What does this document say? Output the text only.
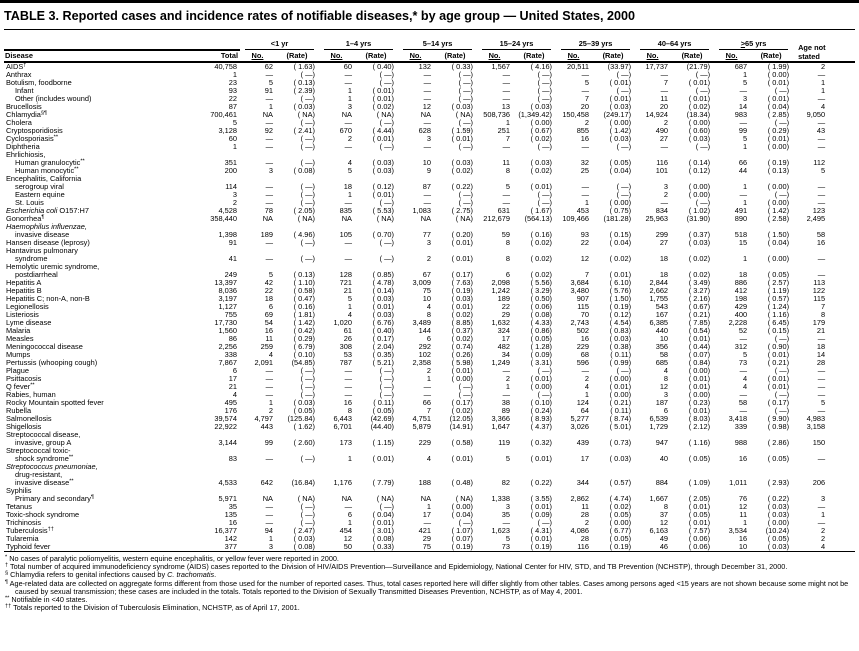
TABLE 3. Reported cases and incidence rates of notifiable diseases,* by age group — United States, 2000

		<1 yr		1–4 yrs		5–14 yrs		15–24 yrs		25–39 yrs		40–64 yrs		≥65 yrs		Age not
stated
Disease	Total	No.	(Rate)	No.	(Rate)	No.	(Rate)	No.	(Rate)	No.	(Rate)	No.	(Rate)	No.	(Rate)	
AIDS†	40,758	62	( 1.63)	60	( 0.40)	132	( 0.33)	1,567	( 4.16)	20,511	(33.97)	17,737	(21.79)	687	( 1.99)	2
Anthrax	1	—	( —)	—	( —)	—	( —)	—	( —)	—	( —)	—	( —)	1	( 0.00)	—
Botulism, foodborne	23	5	( 0.13)	—	( —)	—	( —)	—	( —)	5	( 0.01)	7	( 0.01)	5	( 0.01)	1
Infant	93	91	( 2.39)	1	( 0.01)	—	( —)	—	( —)	—	( —)	—	( —)	—	( —)	1
Other (includes wound)	22	—	( —)	1	( 0.01)	—	( —)	—	( —)	7	( 0.01)	11	( 0.01)	3	( 0.01)	—
Brucellosis	87	1	( 0.03)	3	( 0.02)	12	( 0.03)	13	( 0.03)	20	( 0.03)	20	( 0.02)	14	( 0.04)	4
Chlamydia§¶	700,461	NA	( NA)	NA	( NA)	NA	( NA)	508,736	(1,349.42)	150,458	(249.17)	14,924	(18.34)	983	( 2.85)	9,050
Cholera	5	—	( —)	—	( —)	—	( —)	1	( 0.00)	2	( 0.00)	2	( 0.00)	—	( —)	—
Cryptosporidiosis	3,128	92	( 2.41)	670	( 4.44)	628	( 1.59)	251	( 0.67)	855	( 1.42)	490	( 0.60)	99	( 0.29)	43
Cyclosporiasis**	60	—	( —)	2	( 0.01)	3	( 0.01)	7	( 0.02)	16	( 0.03)	27	( 0.03)	5	( 0.01)	—
Diphtheria	1	—	( —)	—	( —)	—	( —)	—	( —)	—	( —)	—	( —)	1	( 0.00)	—
Ehrlichiosis,																
Human granulocytic**	351	—	( —)	4	( 0.03)	10	( 0.03)	11	( 0.03)	32	( 0.05)	116	( 0.14)	66	( 0.19)	112
Human monocytic**	200	3	( 0.08)	5	( 0.03)	9	( 0.02)	8	( 0.02)	25	( 0.04)	101	( 0.12)	44	( 0.13)	5
Encephalitis, California																
serogroup viral	114	—	( —)	18	( 0.12)	87	( 0.22)	5	( 0.01)	—	( —)	3	( 0.00)	1	( 0.00)	—
Eastern equine	3	—	( —)	1	( 0.01)	—	( —)	—	( —)	—	( —)	2	( 0.00)	—	( —)	—
St. Louis	2	—	( —)	—	( —)	—	( —)	—	( —)	1	( 0.00)	—	( —)	1	( 0.00)	—
Escherichia coli O157:H7	4,528	78	( 2.05)	835	( 5.53)	1,083	( 2.75)	631	( 1.67)	453	( 0.75)	834	( 1.02)	491	( 1.42)	123
Gonorrhea¶	358,440	NA	( NA)	NA	( NA)	NA	( NA)	212,679	(564.13)	109,466	(181.28)	25,963	(31.90)	890	( 2.58)	2,495
Haemophilus influenzae,																
invasive disease	1,398	189	( 4.96)	105	( 0.70)	77	( 0.20)	59	( 0.16)	93	( 0.15)	299	( 0.37)	518	( 1.50)	58
Hansen disease (leprosy)	91	—	( —)	—	( —)	3	( 0.01)	8	( 0.02)	22	( 0.04)	27	( 0.03)	15	( 0.04)	16
Hantavirus pulmonary																
syndrome	41	—	( —)	—	( —)	2	( 0.01)	8	( 0.02)	12	( 0.02)	18	( 0.02)	1	( 0.00)	—
Hemolytic uremic syndrome,																
postdiarrheal	249	5	( 0.13)	128	( 0.85)	67	( 0.17)	6	( 0.02)	7	( 0.01)	18	( 0.02)	18	( 0.05)	—
Hepatitis A	13,397	42	( 1.10)	721	( 4.78)	3,009	( 7.63)	2,098	( 5.56)	3,684	( 6.10)	2,844	( 3.49)	886	( 2.57)	113
Hepatitis B	8,036	22	( 0.58)	21	( 0.14)	75	( 0.19)	1,242	( 3.29)	3,480	( 5.76)	2,662	( 3.27)	412	( 1.19)	122
Hepatitis C; non-A, non-B	3,197	18	( 0.47)	5	( 0.03)	10	( 0.03)	189	( 0.50)	907	( 1.50)	1,755	( 2.16)	198	( 0.57)	115
Legionellosis	1,127	6	( 0.16)	1	( 0.01)	4	( 0.01)	22	( 0.06)	115	( 0.19)	543	( 0.67)	429	( 1.24)	7
Listeriosis	755	69	( 1.81)	4	( 0.03)	8	( 0.02)	29	( 0.08)	70	( 0.12)	167	( 0.21)	400	( 1.16)	8
Lyme disease	17,730	54	( 1.42)	1,020	( 6.76)	3,489	( 8.85)	1,632	( 4.33)	2,743	( 4.54)	6,385	( 7.85)	2,228	( 6.45)	179
Malaria	1,560	16	( 0.42)	61	( 0.40)	144	( 0.37)	324	( 0.86)	502	( 0.83)	440	( 0.54)	52	( 0.15)	21
Measles	86	11	( 0.29)	26	( 0.17)	6	( 0.02)	17	( 0.05)	16	( 0.03)	10	( 0.01)	—	( —)	—
Meningococcal disease	2,256	259	( 6.79)	308	( 2.04)	292	( 0.74)	482	( 1.28)	229	( 0.38)	356	( 0.44)	312	( 0.90)	18
Mumps	338	4	( 0.10)	53	( 0.35)	102	( 0.26)	34	( 0.09)	68	( 0.11)	58	( 0.07)	5	( 0.01)	14
Pertussis (whooping cough)	7,867	2,091	(54.85)	787	( 5.21)	2,358	( 5.98)	1,249	( 3.31)	596	( 0.99)	685	( 0.84)	73	( 0.21)	28
Plague	6	—	( —)	—	( —)	2	( 0.01)	—	( —)	—	( —)	4	( 0.00)	—	( —)	—
Psittacosis	17	—	( —)	—	( —)	1	( 0.00)	2	( 0.01)	2	( 0.00)	8	( 0.01)	4	( 0.01)	—
Q fever**	21	—	( —)	—	( —)	—	( —)	1	( 0.00)	4	( 0.01)	12	( 0.01)	4	( 0.01)	—
Rabies, human	4	—	( —)	—	( —)	—	( —)	—	( —)	1	( 0.00)	3	( 0.00)	—	( —)	—
Rocky Mountain spotted fever	495	1	( 0.03)	16	( 0.11)	66	( 0.17)	38	( 0.10)	124	( 0.21)	187	( 0.23)	58	( 0.17)	5
Rubella	176	2	( 0.05)	8	( 0.05)	7	( 0.02)	89	( 0.24)	64	( 0.11)	6	( 0.01)	—	( —)	—
Salmonellosis	39,574	4,797	(125.84)	6,443	(42.69)	4,751	(12.05)	3,366	( 8.93)	5,277	( 8.74)	6,539	( 8.03)	3,418	( 9.90)	4,983
Shigellosis	22,922	443	( 1.62)	6,701	(44.40)	5,879	(14.91)	1,647	( 4.37)	3,026	( 5.01)	1,729	( 2.12)	339	( 0.98)	3,158
Streptococcal disease,																
invasive, group A	3,144	99	( 2.60)	173	( 1.15)	229	( 0.58)	119	( 0.32)	439	( 0.73)	947	( 1.16)	988	( 2.86)	150
Streptococcal toxic-																
shock syndrome**	83	—	( —)	1	( 0.01)	4	( 0.01)	5	( 0.01)	17	( 0.03)	40	( 0.05)	16	( 0.05)	—
Streptococcus pneumoniae,																
drug-resistant,																
invasive disease**	4,533	642	(16.84)	1,176	( 7.79)	188	( 0.48)	82	( 0.22)	344	( 0.57)	884	( 1.09)	1,011	( 2.93)	206
Syphilis																
Primary and secondary¶	5,971	NA	( NA)	NA	( NA)	NA	( NA)	1,338	( 3.55)	2,862	( 4.74)	1,667	( 2.05)	76	( 0.22)	3
Tetanus	35	—	( —)	—	( —)	1	( 0.00)	3	( 0.01)	11	( 0.02)	8	( 0.01)	12	( 0.03)	—
Toxic-shock syndrome	135	—	( —)	6	( 0.04)	17	( 0.04)	35	( 0.09)	28	( 0.05)	37	( 0.05)	11	( 0.03)	1
Trichinosis	16	—	( —)	1	( 0.01)	—	( —)	—	( —)	2	( 0.00)	12	( 0.01)	1	( 0.00)	—
Tuberculosis††	16,377	94	( 2.47)	454	( 3.01)	421	( 1.07)	1,623	( 4.31)	4,086	( 6.77)	6,163	( 7.57)	3,534	(10.24)	2
Tularemia	142	1	( 0.03)	12	( 0.08)	29	( 0.07)	5	( 0.01)	28	( 0.05)	49	( 0.06)	16	( 0.05)	2
Typhoid fever	377	3	( 0.08)	50	( 0.33)	75	( 0.19)	73	( 0.19)	116	( 0.19)	46	( 0.06)	10	( 0.03)	4

* No cases of paralytic poliomyelitis, western equine encephalitis, or yellow fever were reported in 2000.

† Total number of acquired immunodeficiency syndrome (AIDS) cases reported to the Division of HIV/AIDS Prevention—Surveillance and Epidemiology, National Center for HIV, STD, and TB Prevention (NCHSTP), through December 31, 2000.

§ Chlamydia refers to genital infections caused by C. trachomatis.

¶ Age-related data are collected on aggregate forms different from those used for the number of reported cases. Thus, total cases reported here will differ slightly from other tables. Cases among persons aged <15 years are not shown because some might not be caused by sexual transmission; these cases are included in the totals. Totals reported to the Division of Sexually Transmitted Diseases Prevention, NCHSTP, as of May 4, 2001.

** Notifiable in <40 states.

†† Totals reported to the Division of Tuberculosis Elimination, NCHSTP, as of April 17, 2001.
